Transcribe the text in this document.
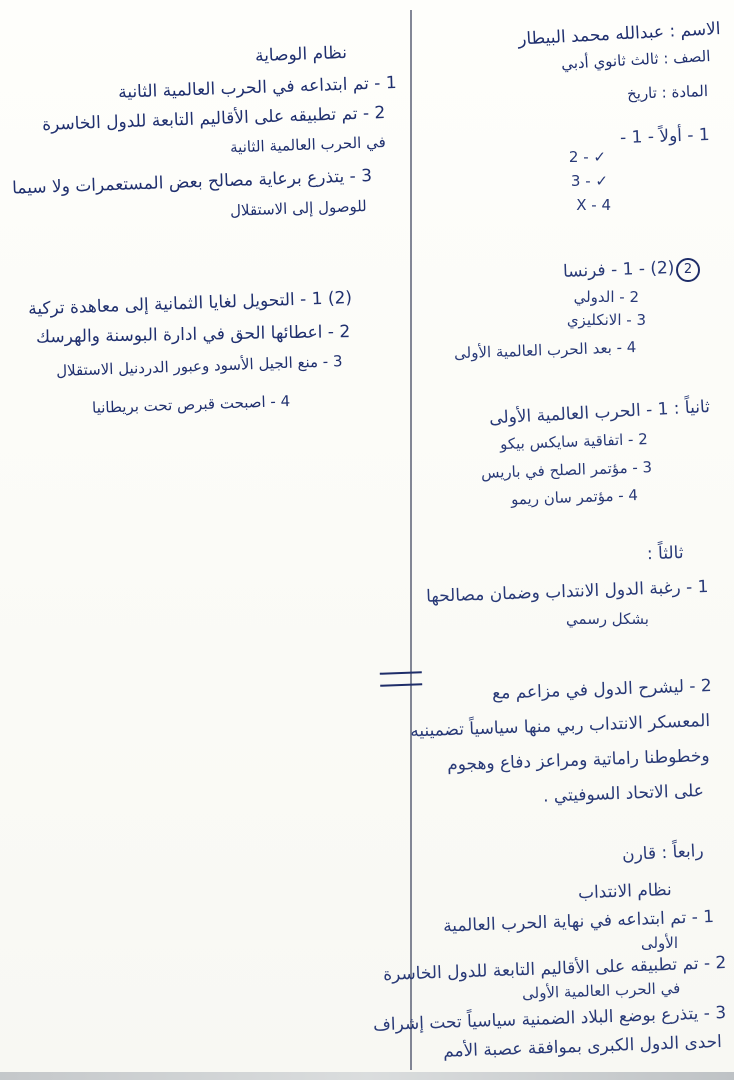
الاسم : عبدالله محمد البيطار
الصف : ثالث ثانوي أدبي
المادة : تاريخ
1 - أولاً - 1 -
✓ - 2
✓ - 3
X - 4
2
(2) - 1 - فرنسا
2 - الدولي
3 - الانكليزي
4 - بعد الحرب العالمية الأولى
ثانياً : 1 - الحرب العالمية الأولى
2 - اتفاقية سايكس بيكو
3 - مؤتمر الصلح في باريس
4 - مؤتمر سان ريمو
ثالثاً :
1 - رغبة الدول الانتداب وضمان مصالحها
بشكل رسمي
2 - ليشرح الدول في مزاعم مع
المعسكر الانتداب ربي منها سياسياً تضمينيه
وخطوطنا راماتية ومراعز دفاع وهجوم
على الاتحاد السوفيتي .
رابعاً : قارن
نظام الانتداب
1 - تم ابتداعه في نهاية الحرب العالمية
الأولى
2 - تم تطبيقه على الأقاليم التابعة للدول الخاسرة
في الحرب العالمية الأولى
3 - يتذرع بوضع البلاد الضمنية سياسياً تحت إشراف
احدى الدول الكبرى بموافقة عصبة الأمم
نظام الوصاية
1 - تم ابتداعه في الحرب العالمية الثانية
2 - تم تطبيقه على الأقاليم التابعة للدول الخاسرة
في الحرب العالمية الثانية
3 - يتذرع برعاية مصالح بعض المستعمرات ولا سيما
للوصول إلى الاستقلال
(2) 1 - التحويل لغايا الثمانية إلى معاهدة تركية
2 - اعطائها الحق في ادارة البوسنة والهرسك
3 - منع الجيل الأسود وعبور الدردنيل الاستقلال
4 - اصبحت قبرص تحت بريطانيا
